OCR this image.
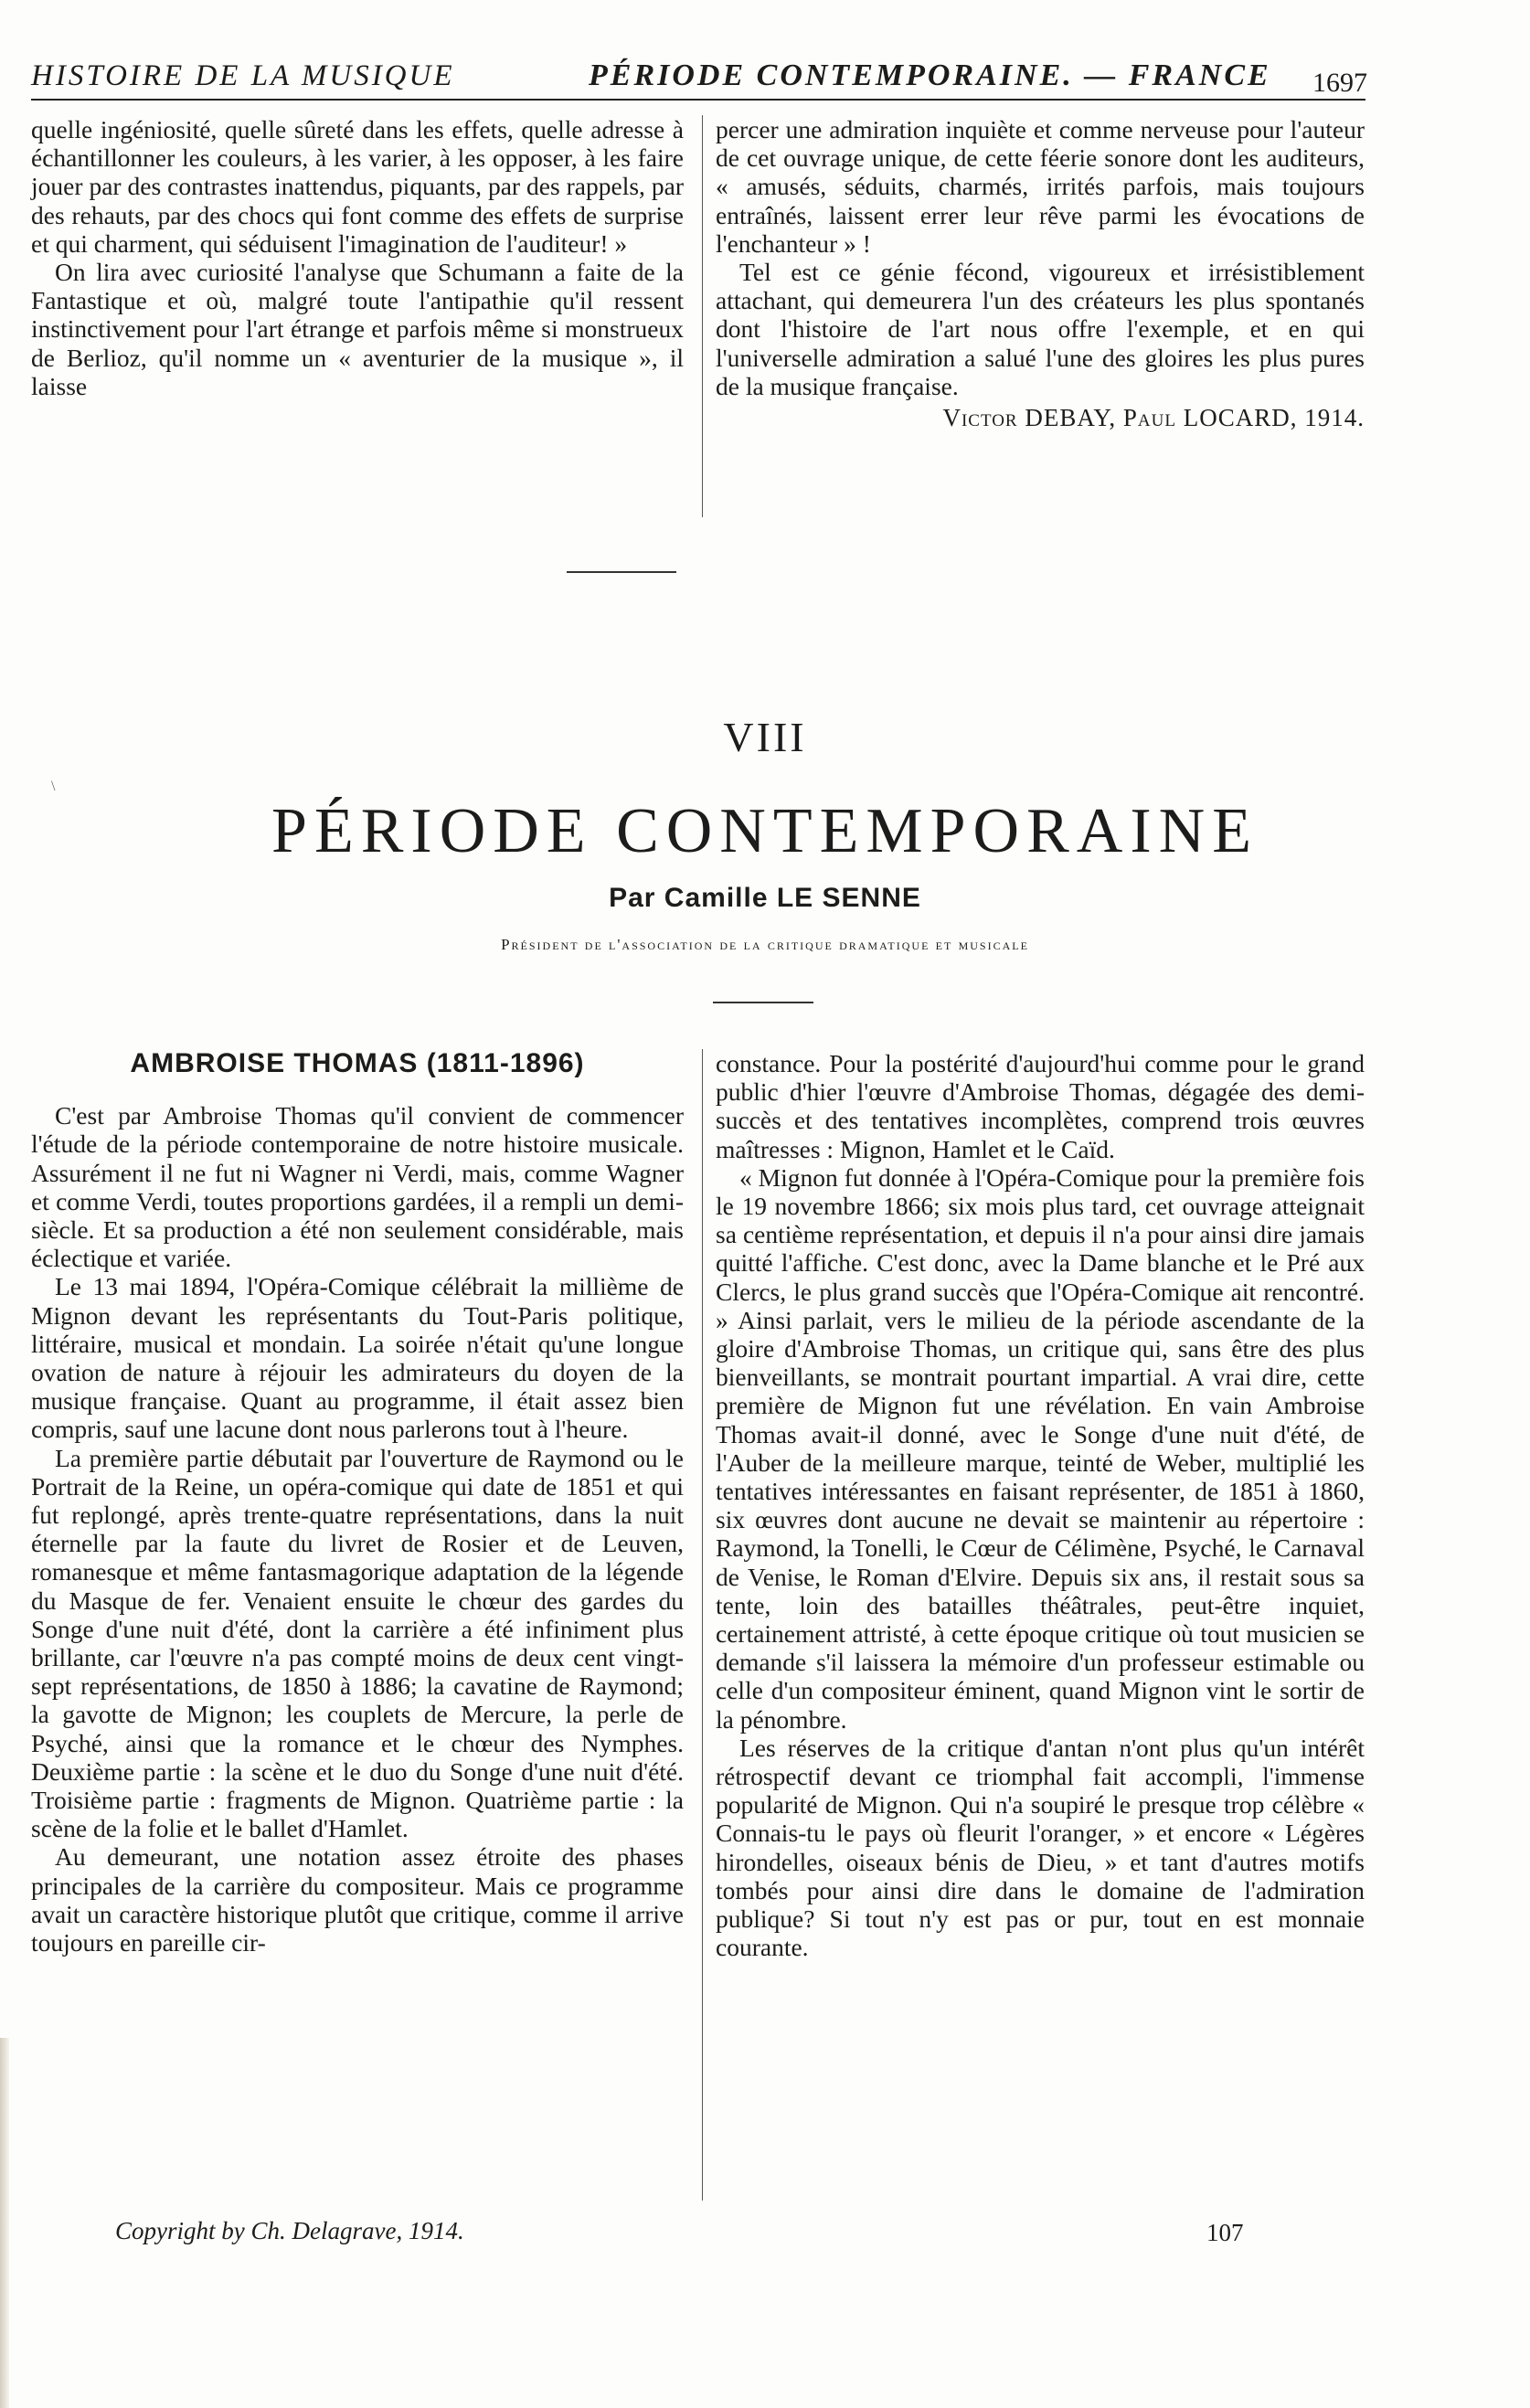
HISTOIRE DE LA MUSIQUE	PÉRIODE CONTEMPORAINE. — FRANCE 1697

quelle ingéniosité, quelle sûreté dans les effets, quelle adresse à échantillonner les couleurs, à les varier, à les opposer, à les faire jouer par des contrastes inattendus, piquants, par des rappels, par des rehauts, par des chocs qui font comme des effets de surprise et qui charment, qui séduisent l'imagination de l'auditeur! »

On lira avec curiosité l'analyse que Schumann a faite de la Fantastique et où, malgré toute l'antipathie qu'il ressent instinctivement pour l'art étrange et parfois même si monstrueux de Berlioz, qu'il nomme un « aventurier de la musique », il laisse

percer une admiration inquiète et comme nerveuse pour l'auteur de cet ouvrage unique, de cette féerie sonore dont les auditeurs, « amusés, séduits, charmés, irrités parfois, mais toujours entraînés, laissent errer leur rêve parmi les évocations de l'enchanteur » !

Tel est ce génie fécond, vigoureux et irrésistiblement attachant, qui demeurera l'un des créateurs les plus spontanés dont l'histoire de l'art nous offre l'exemple, et en qui l'universelle admiration a salué l'une des gloires les plus pures de la musique française.

Victor DEBAY, Paul LOCARD, 1914.
\
VIII
PÉRIODE CONTEMPORAINE
Par Camille LE SENNE
Président de l'association de la critique dramatique et musicale
AMBROISE THOMAS (1811-1896)

C'est par Ambroise Thomas qu'il convient de commencer l'étude de la période contemporaine de notre histoire musicale. Assurément il ne fut ni Wagner ni Verdi, mais, comme Wagner et comme Verdi, toutes proportions gardées, il a rempli un demi-siècle. Et sa production a été non seulement considérable, mais éclectique et variée.

Le 13 mai 1894, l'Opéra-Comique célébrait la millième de Mignon devant les représentants du Tout-Paris politique, littéraire, musical et mondain. La soirée n'était qu'une longue ovation de nature à réjouir les admirateurs du doyen de la musique française. Quant au programme, il était assez bien compris, sauf une lacune dont nous parlerons tout à l'heure.

La première partie débutait par l'ouverture de Raymond ou le Portrait de la Reine, un opéra-comique qui date de 1851 et qui fut replongé, après trente-quatre représentations, dans la nuit éternelle par la faute du livret de Rosier et de Leuven, romanesque et même fantasmagorique adaptation de la légende du Masque de fer. Venaient ensuite le chœur des gardes du Songe d'une nuit d'été, dont la carrière a été infiniment plus brillante, car l'œuvre n'a pas compté moins de deux cent vingt-sept représentations, de 1850 à 1886; la cavatine de Raymond; la gavotte de Mignon; les couplets de Mercure, la perle de Psyché, ainsi que la romance et le chœur des Nymphes. Deuxième partie : la scène et le duo du Songe d'une nuit d'été. Troisième partie : fragments de Mignon. Quatrième partie : la scène de la folie et le ballet d'Hamlet.

Au demeurant, une notation assez étroite des phases principales de la carrière du compositeur. Mais ce programme avait un caractère historique plutôt que critique, comme il arrive toujours en pareille cir-

constance. Pour la postérité d'aujourd'hui comme pour le grand public d'hier l'œuvre d'Ambroise Thomas, dégagée des demi-succès et des tentatives incomplètes, comprend trois œuvres maîtresses : Mignon, Hamlet et le Caïd.

« Mignon fut donnée à l'Opéra-Comique pour la première fois le 19 novembre 1866; six mois plus tard, cet ouvrage atteignait sa centième représentation, et depuis il n'a pour ainsi dire jamais quitté l'affiche. C'est donc, avec la Dame blanche et le Pré aux Clercs, le plus grand succès que l'Opéra-Comique ait rencontré. » Ainsi parlait, vers le milieu de la période ascendante de la gloire d'Ambroise Thomas, un critique qui, sans être des plus bienveillants, se montrait pourtant impartial. A vrai dire, cette première de Mignon fut une révélation. En vain Ambroise Thomas avait-il donné, avec le Songe d'une nuit d'été, de l'Auber de la meilleure marque, teinté de Weber, multiplié les tentatives intéressantes en faisant représenter, de 1851 à 1860, six œuvres dont aucune ne devait se maintenir au répertoire : Raymond, la Tonelli, le Cœur de Célimène, Psyché, le Carnaval de Venise, le Roman d'Elvire. Depuis six ans, il restait sous sa tente, loin des batailles théâtrales, peut-être inquiet, certainement attristé, à cette époque critique où tout musicien se demande s'il laissera la mémoire d'un professeur estimable ou celle d'un compositeur éminent, quand Mignon vint le sortir de la pénombre.

Les réserves de la critique d'antan n'ont plus qu'un intérêt rétrospectif devant ce triomphal fait accompli, l'immense popularité de Mignon. Qui n'a soupiré le presque trop célèbre « Connais-tu le pays où fleurit l'oranger, » et encore « Légères hirondelles, oiseaux bénis de Dieu, » et tant d'autres motifs tombés pour ainsi dire dans le domaine de l'admiration publique? Si tout n'y est pas or pur, tout en est monnaie courante.

Copyright by Ch. Delagrave, 1914.	107
